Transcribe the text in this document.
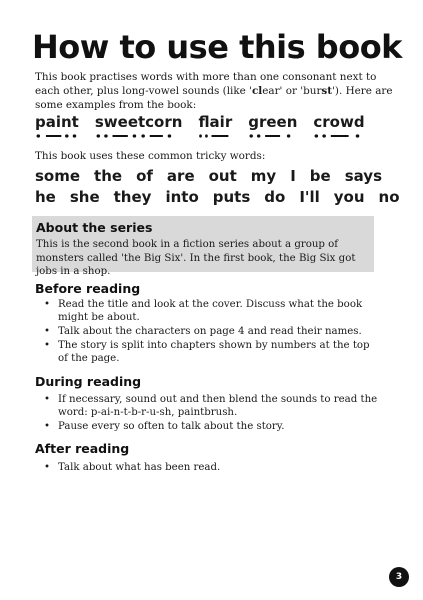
How to use this book

This book practises words with more than one consonant next to
each other, plus long-vowel sounds (like 'clear' or 'burst'). Here are
some examples from the book:

paint sweetcorn flair green crowd

This book uses these common tricky words:

some the of are out my I be says
he she they into puts do I'll you no
About the series

This is the second book in a fiction series about a group of monsters called 'the Big Six'. In the first book, the Big Six got jobs in a shop.

Before reading
• Read the title and look at the cover. Discuss what the book might be about.
• Talk about the characters on page 4 and read their names.
• The story is split into chapters shown by numbers at the top of the page.
During reading
• If necessary, sound out and then blend the sounds to read the word: p-ai-n-t-b-r-u-sh, paintbrush.
• Pause every so often to talk about the story.
After reading
• Talk about what has been read.
3
